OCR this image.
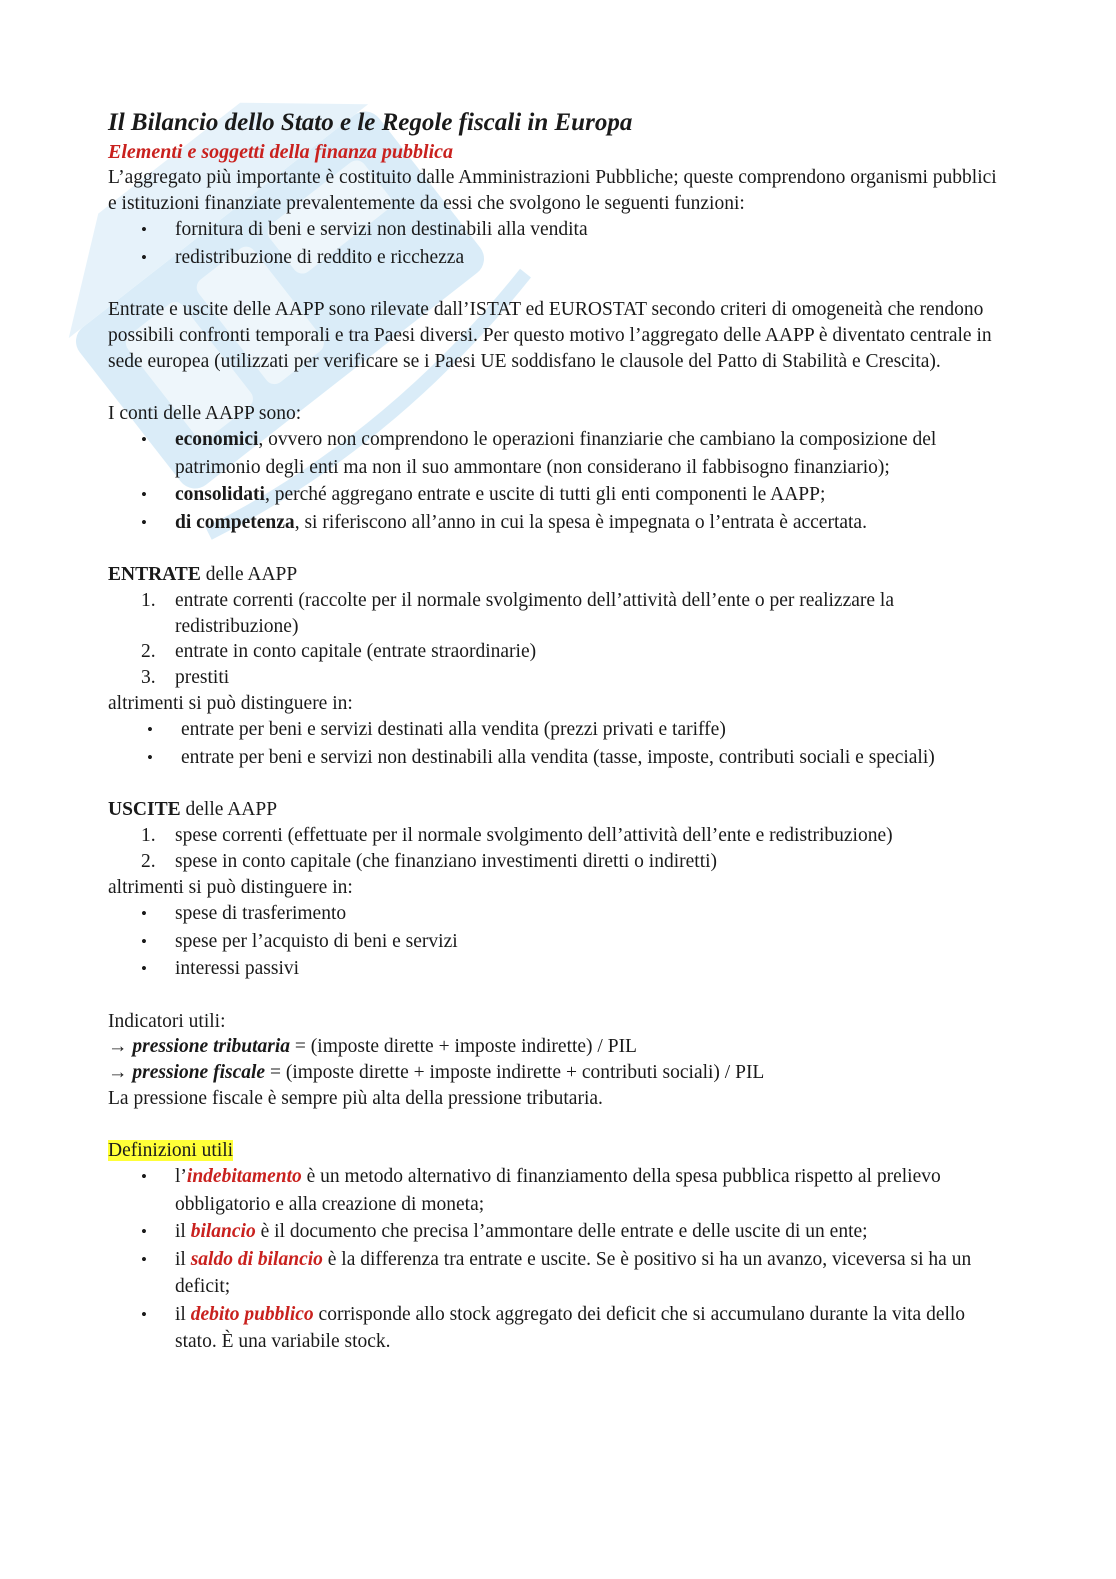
Il Bilancio dello Stato e le Regole fiscali in Europa
Elementi e soggetti della finanza pubblica

L’aggregato più importante è costituito dalle Amministrazioni Pubbliche; queste comprendono organismi pubblici e istituzioni finanziate prevalentemente da essi che svolgono le seguenti funzioni:

• fornitura di beni e servizi non destinabili alla vendita
• redistribuzione di reddito e ricchezza

Entrate e uscite delle AAPP sono rilevate dall’ISTAT ed EUROSTAT secondo criteri di omogeneità che rendono possibili confronti temporali e tra Paesi diversi. Per questo motivo l’aggregato delle AAPP è diventato centrale in sede europea (utilizzati per verificare se i Paesi UE soddisfano le clausole del Patto di Stabilità e Crescita).

I conti delle AAPP sono:

• economici, ovvero non comprendono le operazioni finanziarie che cambiano la composizione del patrimonio degli enti ma non il suo ammontare (non considerano il fabbisogno finanziario);
• consolidati, perché aggregano entrate e uscite di tutti gli enti componenti le AAPP;
• di competenza, si riferiscono all’anno in cui la spesa è impegnata o l’entrata è accertata.

ENTRATE delle AAPP

1. entrate correnti (raccolte per il normale svolgimento dell’attività dell’ente o per realizzare la redistribuzione)
2. entrate in conto capitale (entrate straordinarie)
3. prestiti

altrimenti si può distinguere in:

• entrate per beni e servizi destinati alla vendita (prezzi privati e tariffe)
• entrate per beni e servizi non destinabili alla vendita (tasse, imposte, contributi sociali e speciali)

USCITE delle AAPP

1. spese correnti (effettuate per il normale svolgimento dell’attività dell’ente e redistribuzione)
2. spese in conto capitale (che finanziano investimenti diretti o indiretti)

altrimenti si può distinguere in:

• spese di trasferimento
• spese per l’acquisto di beni e servizi
• interessi passivi

Indicatori utili:

→ pressione tributaria = (imposte dirette + imposte indirette) / PIL

→ pressione fiscale = (imposte dirette + imposte indirette + contributi sociali) / PIL

La pressione fiscale è sempre più alta della pressione tributaria.

Definizioni utili

• l’indebitamento è un metodo alternativo di finanziamento della spesa pubblica rispetto al prelievo obbligatorio e alla creazione di moneta;
• il bilancio è il documento che precisa l’ammontare delle entrate e delle uscite di un ente;
• il saldo di bilancio è la differenza tra entrate e uscite. Se è positivo si ha un avanzo, viceversa si ha un deficit;
• il debito pubblico corrisponde allo stock aggregato dei deficit che si accumulano durante la vita dello stato. È una variabile stock.
